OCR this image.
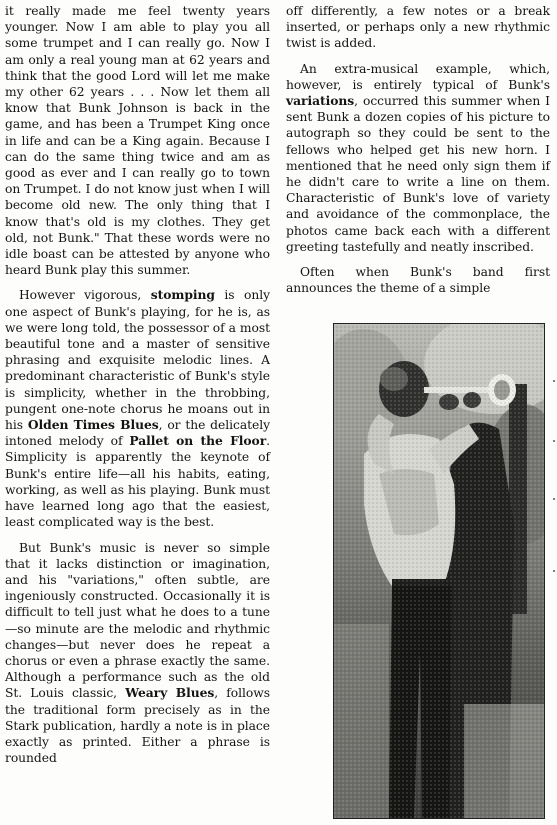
it really made me feel twenty years younger. Now I am able to play you all some trumpet and I can really go. Now I am only a real young man at 62 years and think that the good Lord will let me make my other 62 years . . . Now let them all know that Bunk Johnson is back in the game, and has been a Trumpet King once in life and can be a King again. Because I can do the same thing twice and am as good as ever and I can really go to town on Trumpet. I do not know just when I will become old new. The only thing that I know that's old is my clothes. They get old, not Bunk." That these words were no idle boast can be attested by anyone who heard Bunk play this summer.

However vigorous, stomping is only one aspect of Bunk's playing, for he is, as we were long told, the possessor of a most beautiful tone and a master of sensitive phrasing and exquisite melodic lines. A predominant characteristic of Bunk's style is simplicity, whether in the throbbing, pungent one-note chorus he moans out in his Olden Times Blues, or the delicately intoned melody of Pallet on the Floor. Simplicity is apparently the keynote of Bunk's entire life—all his habits, eating, working, as well as his playing. Bunk must have learned long ago that the easiest, least complicated way is the best.

But Bunk's music is never so simple that it lacks distinction or imagination, and his "variations," often subtle, are ingeniously constructed. Occasionally it is difficult to tell just what he does to a tune—so minute are the melodic and rhythmic changes—but never does he repeat a chorus or even a phrase exactly the same. Although a performance such as the old St. Louis classic, Weary Blues, follows the traditional form precisely as in the Stark publication, hardly a note is in place exactly as printed. Either a phrase is rounded

off differently, a few notes or a break inserted, or perhaps only a new rhythmic twist is added.

An extra-musical example, which, however, is entirely typical of Bunk's variations, occurred this summer when I sent Bunk a dozen copies of his picture to autograph so they could be sent to the fellows who helped get his new horn. I mentioned that he need only sign them if he didn't care to write a line on them. Characteristic of Bunk's love of variety and avoidance of the commonplace, the photos came back each with a different greeting tastefully and neatly inscribed.

Often when Bunk's band first announces the theme of a simple
